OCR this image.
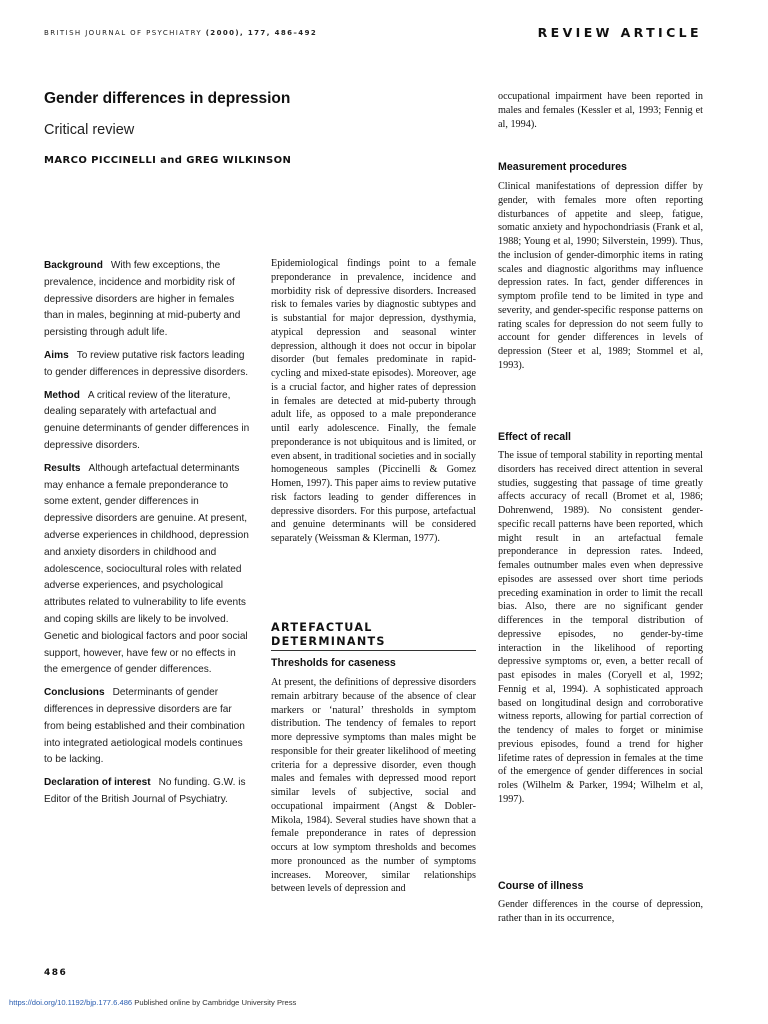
BRITISH JOURNAL OF PSYCHIATRY (2000), 177, 486–492	REVIEW ARTICLE
Gender differences in depression
Critical review
MARCO PICCINELLI and GREG WILKINSON

Background With few exceptions, the prevalence, incidence and morbidity risk of depressive disorders are higher in females than in males, beginning at mid-puberty and persisting through adult life.

Aims To review putative risk factors leading to gender differences in depressive disorders.

Method A critical review of the literature, dealing separately with artefactual and genuine determinants of gender differences in depressive disorders.

Results Although artefactual determinants may enhance a female preponderance to some extent, gender differences in depressive disorders are genuine. At present, adverse experiences in childhood, depression and anxiety disorders in childhood and adolescence, sociocultural roles with related adverse experiences, and psychological attributes related to vulnerability to life events and coping skills are likely to be involved. Genetic and biological factors and poor social support, however, have few or no effects in the emergence of gender differences.

Conclusions Determinants of gender differences in depressive disorders are far from being established and their combination into integrated aetiological models continues to be lacking.

Declaration of interest No funding. G.W. is Editor of the British Journal of Psychiatry.

Epidemiological findings point to a female preponderance in prevalence, incidence and morbidity risk of depressive disorders. Increased risk to females varies by diagnostic subtypes and is substantial for major depression, dysthymia, atypical depression and seasonal winter depression, although it does not occur in bipolar disorder (but females predominate in rapid-cycling and mixed-state episodes). Moreover, age is a crucial factor, and higher rates of depression in females are detected at mid-puberty through adult life, as opposed to a male preponderance until early adolescence. Finally, the female preponderance is not ubiquitous and is limited, or even absent, in traditional societies and in socially homogeneous samples (Piccinelli & Gomez Homen, 1997). This paper aims to review putative risk factors leading to gender differences in depressive disorders. For this purpose, artefactual and genuine determinants will be considered separately (Weissman & Klerman, 1977).

ARTEFACTUAL DETERMINANTS
Thresholds for caseness

At present, the definitions of depressive disorders remain arbitrary because of the absence of clear markers or ‘natural’ thresholds in symptom distribution. The tendency of females to report more depressive symptoms than males might be responsible for their greater likelihood of meeting criteria for a depressive disorder, even though males and females with depressed mood report similar levels of subjective, social and occupational impairment (Angst & Dobler-Mikola, 1984). Several studies have shown that a female preponderance in rates of depression occurs at low symptom thresholds and becomes more pronounced as the number of symptoms increases. Moreover, similar relationships between levels of depression and

occupational impairment have been reported in males and females (Kessler et al, 1993; Fennig et al, 1994).

Measurement procedures

Clinical manifestations of depression differ by gender, with females more often reporting disturbances of appetite and sleep, fatigue, somatic anxiety and hypochondriasis (Frank et al, 1988; Young et al, 1990; Silverstein, 1999). Thus, the inclusion of gender-dimorphic items in rating scales and diagnostic algorithms may influence depression rates. In fact, gender differences in symptom profile tend to be limited in type and severity, and gender-specific response patterns on rating scales for depression do not seem fully to account for gender differences in levels of depression (Steer et al, 1989; Stommel et al, 1993).

Effect of recall

The issue of temporal stability in reporting mental disorders has received direct attention in several studies, suggesting that passage of time greatly affects accuracy of recall (Bromet et al, 1986; Dohrenwend, 1989). No consistent gender-specific recall patterns have been reported, which might result in an artefactual female preponderance in depression rates. Indeed, females outnumber males even when depressive episodes are assessed over short time periods preceding examination in order to limit the recall bias. Also, there are no significant gender differences in the temporal distribution of depressive episodes, no gender-by-time interaction in the likelihood of reporting depressive symptoms or, even, a better recall of past episodes in males (Coryell et al, 1992; Fennig et al, 1994). A sophisticated approach based on longitudinal design and corroborative witness reports, allowing for partial correction of the tendency of males to forget or minimise previous episodes, found a trend for higher lifetime rates of depression in females at the time of the emergence of gender differences in social roles (Wilhelm & Parker, 1994; Wilhelm et al, 1997).

Course of illness

Gender differences in the course of depression, rather than in its occurrence,

486
https://doi.org/10.1192/bjp.177.6.486 Published online by Cambridge University Press
